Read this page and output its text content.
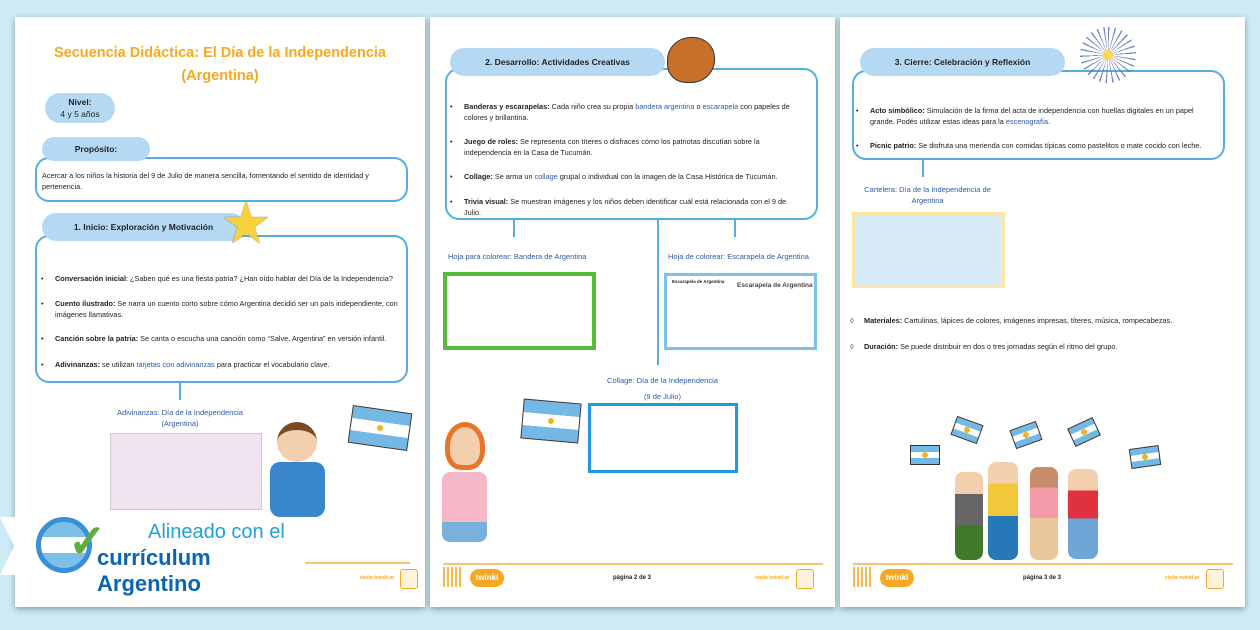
Secuencia Didáctica: El Día de la Independencia
(Argentina)
Nivel:
4 y 5 años
Propósito:
Acercar a los niños la historia del 9 de Julio de manera sencilla, fomentando el sentido de identidad y pertenencia.
1. Inicio: Exploración y Motivación ★
• Conversación inicial: ¿Saben qué es una fiesta patria? ¿Han oído hablar del Día de la Independencia?
• Cuento ilustrado: Se narra un cuento corto sobre cómo Argentina decidió ser un país independiente, con imágenes llamativas.
• Canción sobre la patria: Se canta o escucha una canción como “Salve, Argentina” en versión infantil.
• Adivinanzas: se utilizan tarjetas con adivinanzas para practicar el vocabulario clave.
Adivinanzas: Día de la Independencia
(Argentina)
visita twinkl.ar
✓ Alineado con el
currículum Argentino
2. Desarrollo: Actividades Creativas
• Banderas y escarapelas: Cada niño crea su propia bandera argentina o escarapela con papeles de colores y brillantina.
• Juego de roles: Se representa con títeres o disfraces cómo los patriotas discutían sobre la independencia en la Casa de Tucumán.
• Collage: Se arma un collage grupal o individual con la imagen de la Casa Histórica de Tucumán.
• Trivia visual: Se muestran imágenes y los niños deben identificar cuál está relacionada con el 9 de Julio.
Hoja para colorear: Bandera de Argentina	Hoja de colorear: Escarapela de Argentina
Escarapela de Argentina
Escarapela de Argentina
Collage: Día de la Independencia
(9 de Julio)
twinkl	página 2 de 3	visita twinkl.ar
3. Cierre: Celebración y Reflexión
• Acto simbólico: Simulación de la firma del acta de independencia con huellas digitales en un papel grande. Podés utilizar estas ideas para la escenografía.
• Picnic patrio: Se disfruta una merienda con comidas típicas como pastelitos o mate cocido con leche.
Cartelera: Día de la Independencia de
Argentina
◊ Materiales: Cartulinas, lápices de colores, imágenes impresas, títeres, música, rompecabezas.
◊ Duración: Se puede distribuir en dos o tres jornadas según el ritmo del grupo.
twinkl	página 3 de 3	visita twinkl.ar
